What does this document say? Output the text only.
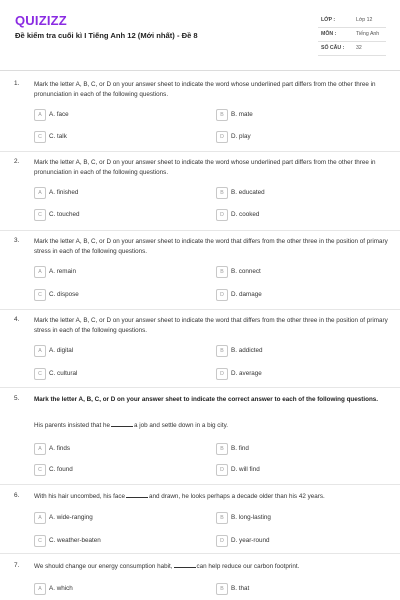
QUIZIZZ
Đề kiểm tra cuối kì I Tiếng Anh 12 (Mới nhất) - Đề 8
LỚP :	Lớp 12
MÔN :	Tiếng Anh
SỐ CÂU : 32
1. Mark the letter A, B, C, or D on your answer sheet to indicate the word whose underlined part differs from the other three in pronunciation in each of the following questions.
A	A. face	B	B. mate
C	C. talk	D	D. play
2. Mark the letter A, B, C, or D on your answer sheet to indicate the word whose underlined part differs from the other three in pronunciation in each of the following questions.
A	A. finished	B	B. educated
C	C. touched	D	D. cooked
3. Mark the letter A, B, C, or D on your answer sheet to indicate the word that differs from the other three in the position of primary stress in each of the following questions.
A	A. remain	B	B. connect
C	C. dispose	D	D. damage
4. Mark the letter A, B, C, or D on your answer sheet to indicate the word that differs from the other three in the position of primary stress in each of the following questions.
A	A. digital	B	B. addicted
C	C. cultural	D	D. average
5. Mark the letter A, B, C, or D on your answer sheet to indicate the correct answer to each of the following questions.
His parents insisted that he	a job and settle down in a big city.
A	A. finds	B	B. find
C	C. found	D	D. will find
6. With his hair uncombed, his face	and drawn, he looks perhaps a decade older than his 42 years.
A	A. wide-ranging	B	B. long-lasting
C	C. weather-beaten	D	D. year-round
7. We should change our energy consumption habit,	can help reduce our carbon footprint.
A	A. which	B	B. that
